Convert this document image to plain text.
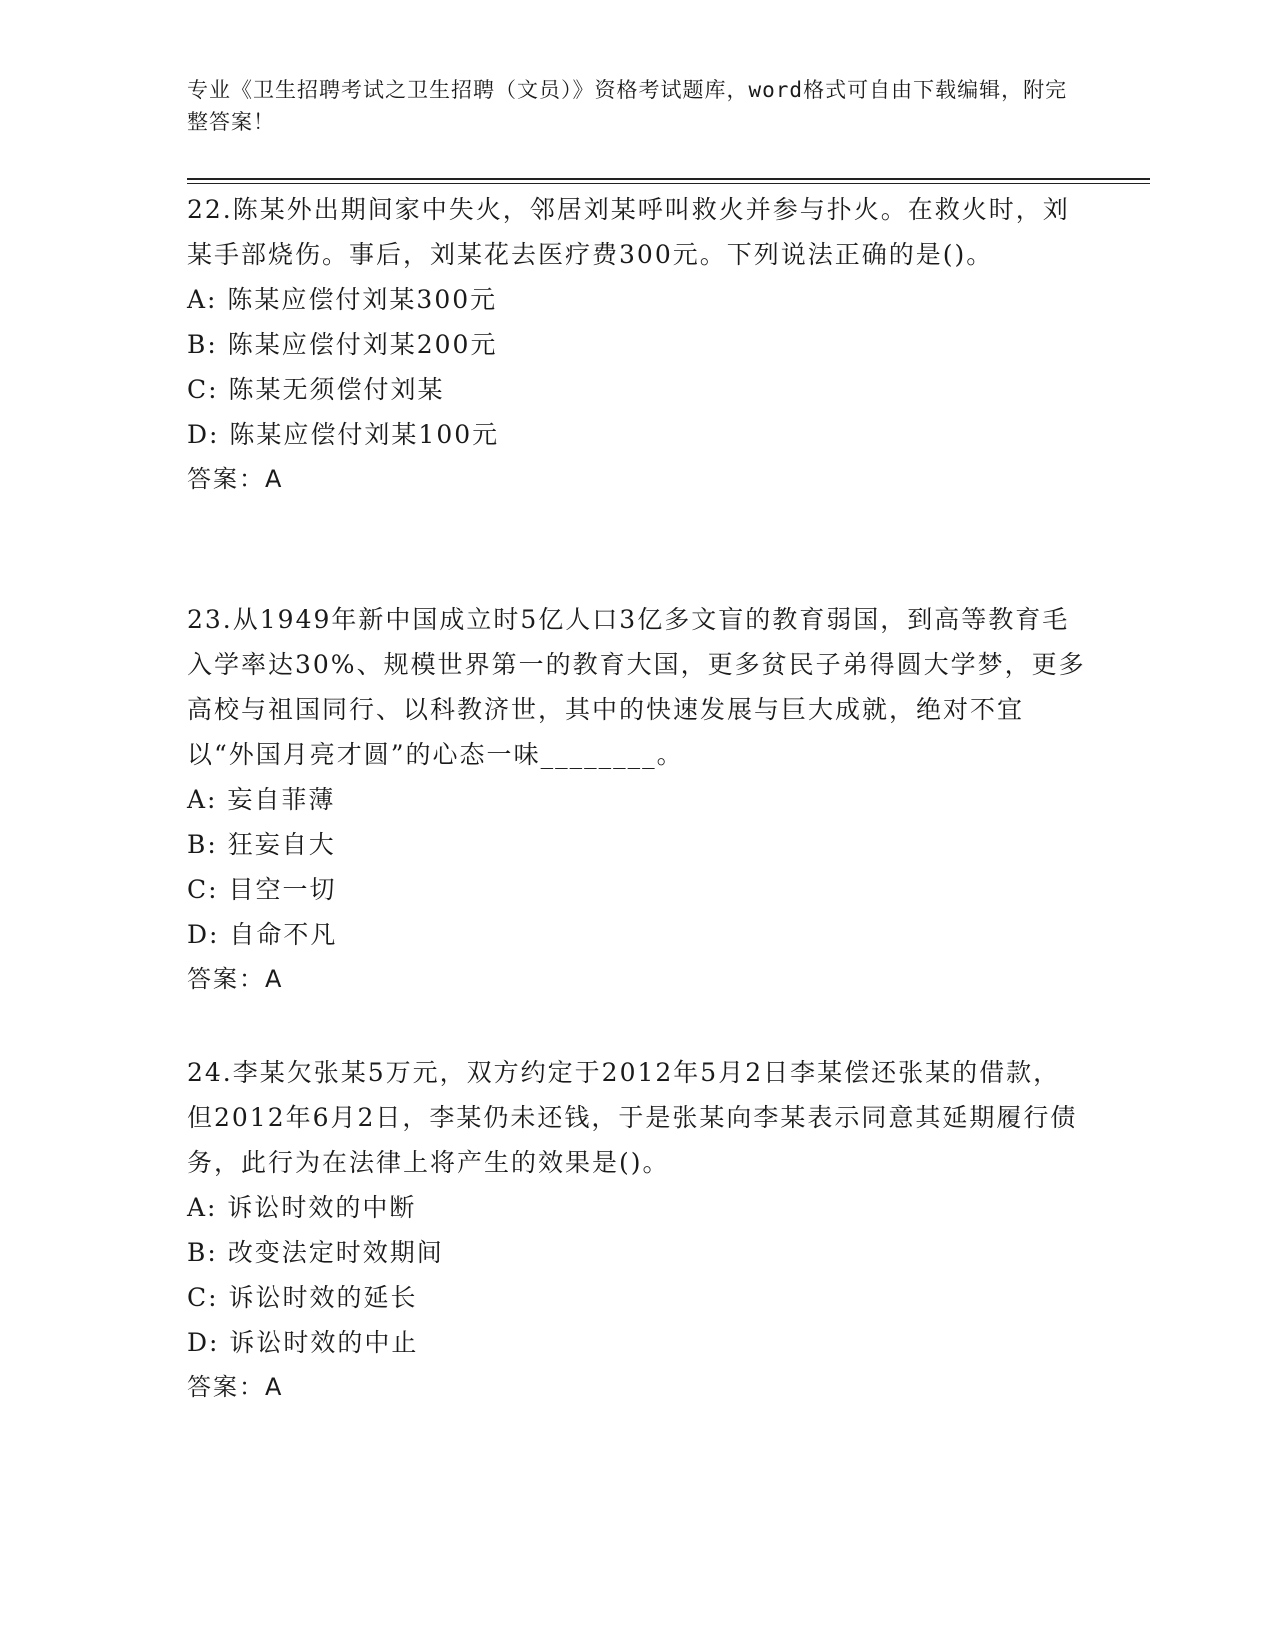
专业《卫生招聘考试之卫生招聘（文员）》资格考试题库，word格式可自由下载编辑，附完整答案！
22.陈某外出期间家中失火，邻居刘某呼叫救火并参与扑火。在救火时，刘某手部烧伤。事后，刘某花去医疗费300元。下列说法正确的是()。
A: 陈某应偿付刘某300元
B: 陈某应偿付刘某200元
C: 陈某无须偿付刘某
D: 陈某应偿付刘某100元
答案：A
23.从1949年新中国成立时5亿人口3亿多文盲的教育弱国，到高等教育毛入学率达30%、规模世界第一的教育大国，更多贫民子弟得圆大学梦，更多高校与祖国同行、以科教济世，其中的快速发展与巨大成就，绝对不宜以“外国月亮才圆”的心态一味________。
A: 妄自菲薄
B: 狂妄自大
C: 目空一切
D: 自命不凡
答案：A
24.李某欠张某5万元，双方约定于2012年5月2日李某偿还张某的借款，但2012年6月2日，李某仍未还钱，于是张某向李某表示同意其延期履行债务，此行为在法律上将产生的效果是()。
A: 诉讼时效的中断
B: 改变法定时效期间
C: 诉讼时效的延长
D: 诉讼时效的中止
答案：A
